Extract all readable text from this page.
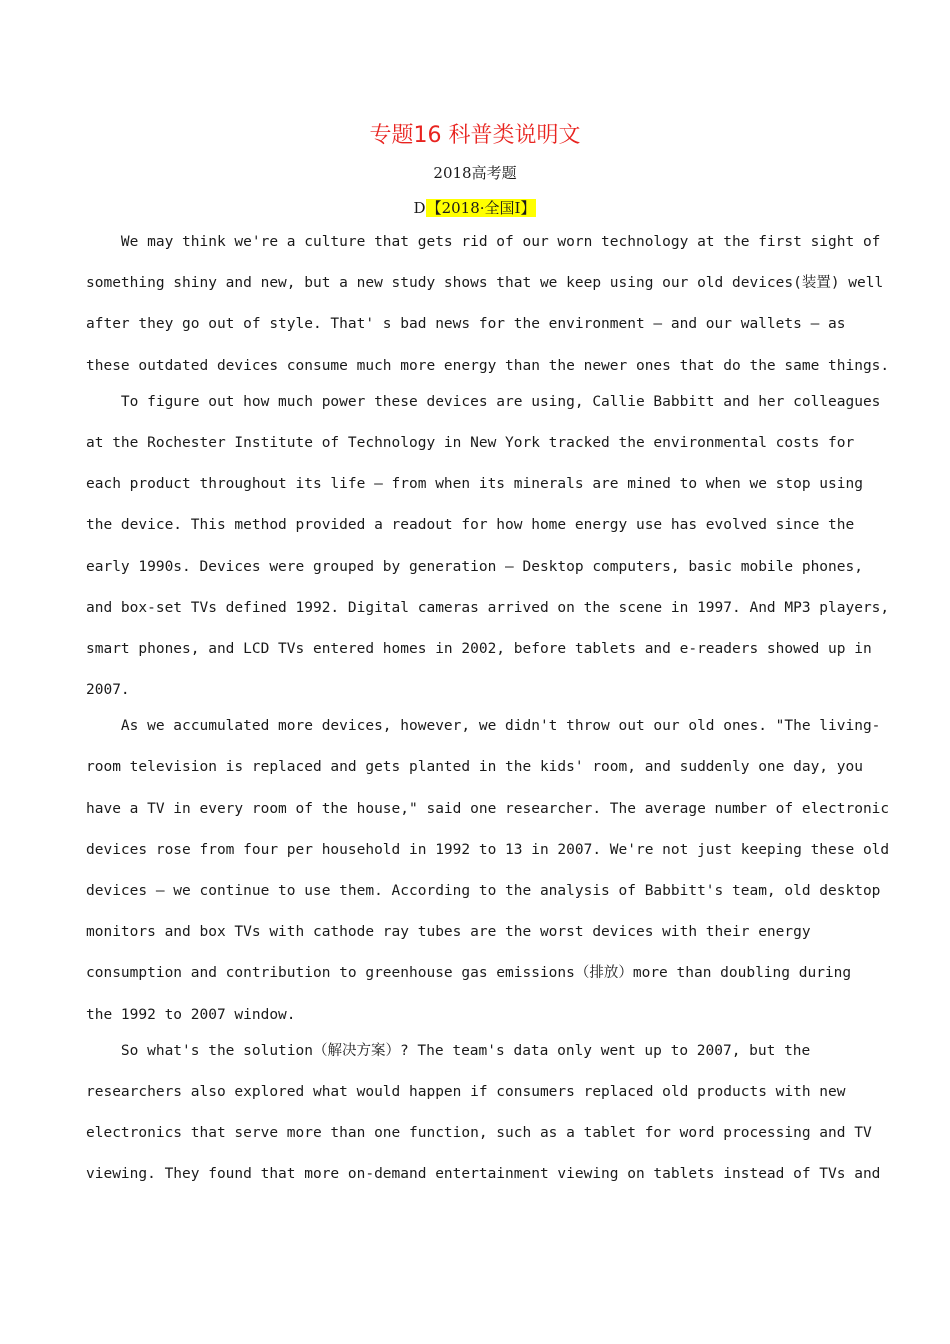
专题16 科普类说明文
2018高考题
D【2018·全国I】
We may think we're a culture that gets rid of our worn technology at the first sight of
something shiny and new, but a new study shows that we keep using our old devices(装置) well
after they go out of style. That' s bad news for the environment — and our wallets — as
these outdated devices consume much more energy than the newer ones that do the same things.
To figure out how much power these devices are using, Callie Babbitt and her colleagues
at the Rochester Institute of Technology in New York tracked the environmental costs for
each product throughout its life — from when its minerals are mined to when we stop using
the device. This method provided a readout for how home energy use has evolved since the
early 1990s. Devices were grouped by generation — Desktop computers, basic mobile phones,
and box-set TVs defined 1992. Digital cameras arrived on the scene in 1997. And MP3 players,
smart phones, and LCD TVs entered homes in 2002, before tablets and e-readers showed up in
2007.
As we accumulated more devices, however, we didn't throw out our old ones. "The living-
room television is replaced and gets planted in the kids' room, and suddenly one day, you
have a TV in every room of the house," said one researcher. The average number of electronic
devices rose from four per household in 1992 to 13 in 2007. We're not just keeping these old
devices — we continue to use them. According to the analysis of Babbitt's team, old desktop
monitors and box TVs with cathode ray tubes are the worst devices with their energy
consumption and contribution to greenhouse gas emissions（排放）more than doubling during
the 1992 to 2007 window.
So what's the solution（解决方案）? The team's data only went up to 2007, but the
researchers also explored what would happen if consumers replaced old products with new
electronics that serve more than one function, such as a tablet for word processing and TV
viewing. They found that more on-demand entertainment viewing on tablets instead of TVs and
